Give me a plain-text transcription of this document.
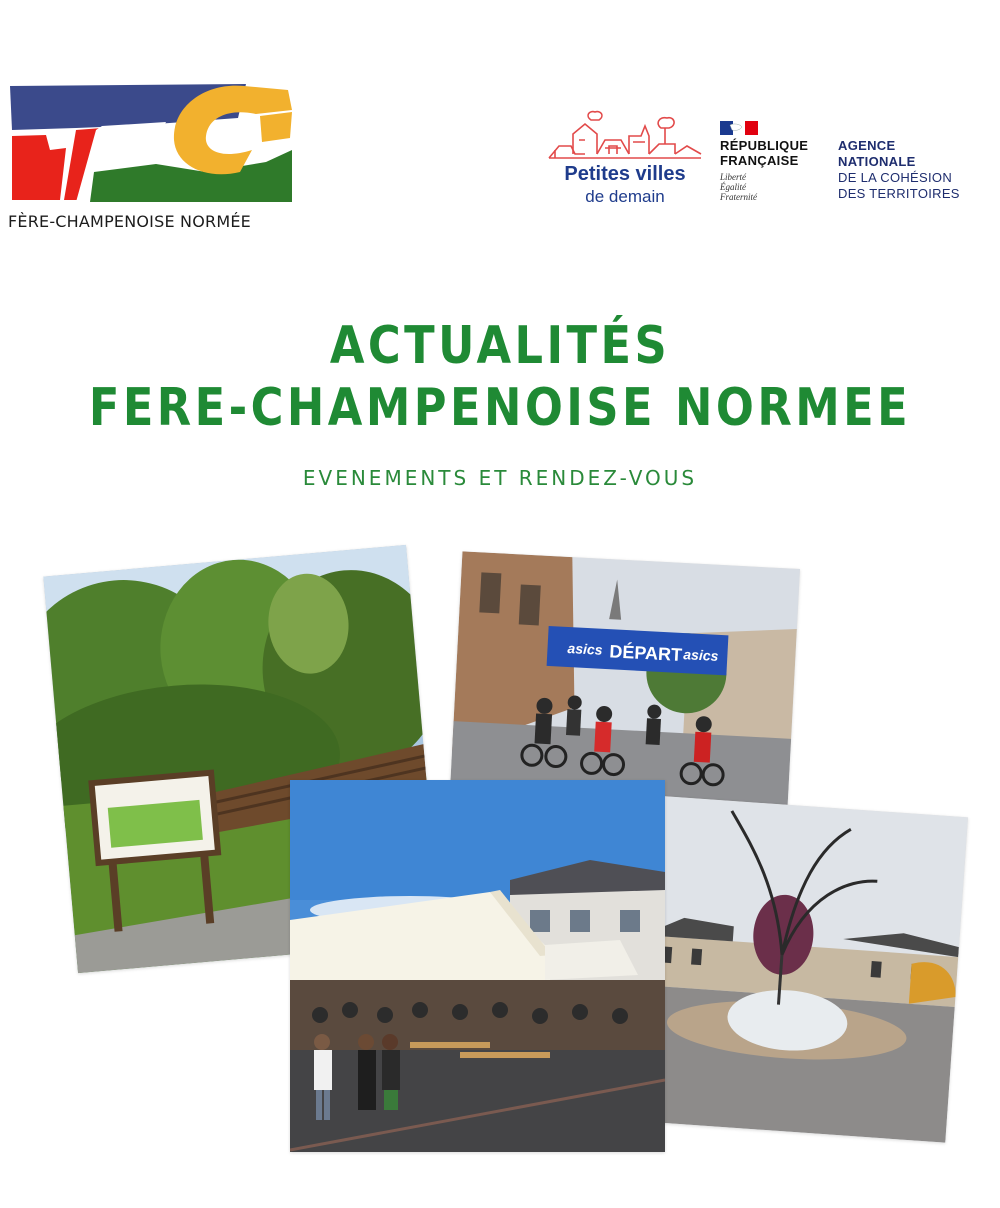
FÈRE-CHAMPENOISE NORMÉE
Petites villes
de demain
RÉPUBLIQUE
FRANÇAISE
Liberté
Égalité
Fraternité
AGENCE
NATIONALE
DE LA COHÉSION
DES TERRITOIRES
ACTUALITÉS
FERE-CHAMPENOISE NORMEE
EVENEMENTS ET RENDEZ-VOUS
asics DÉPART asics
